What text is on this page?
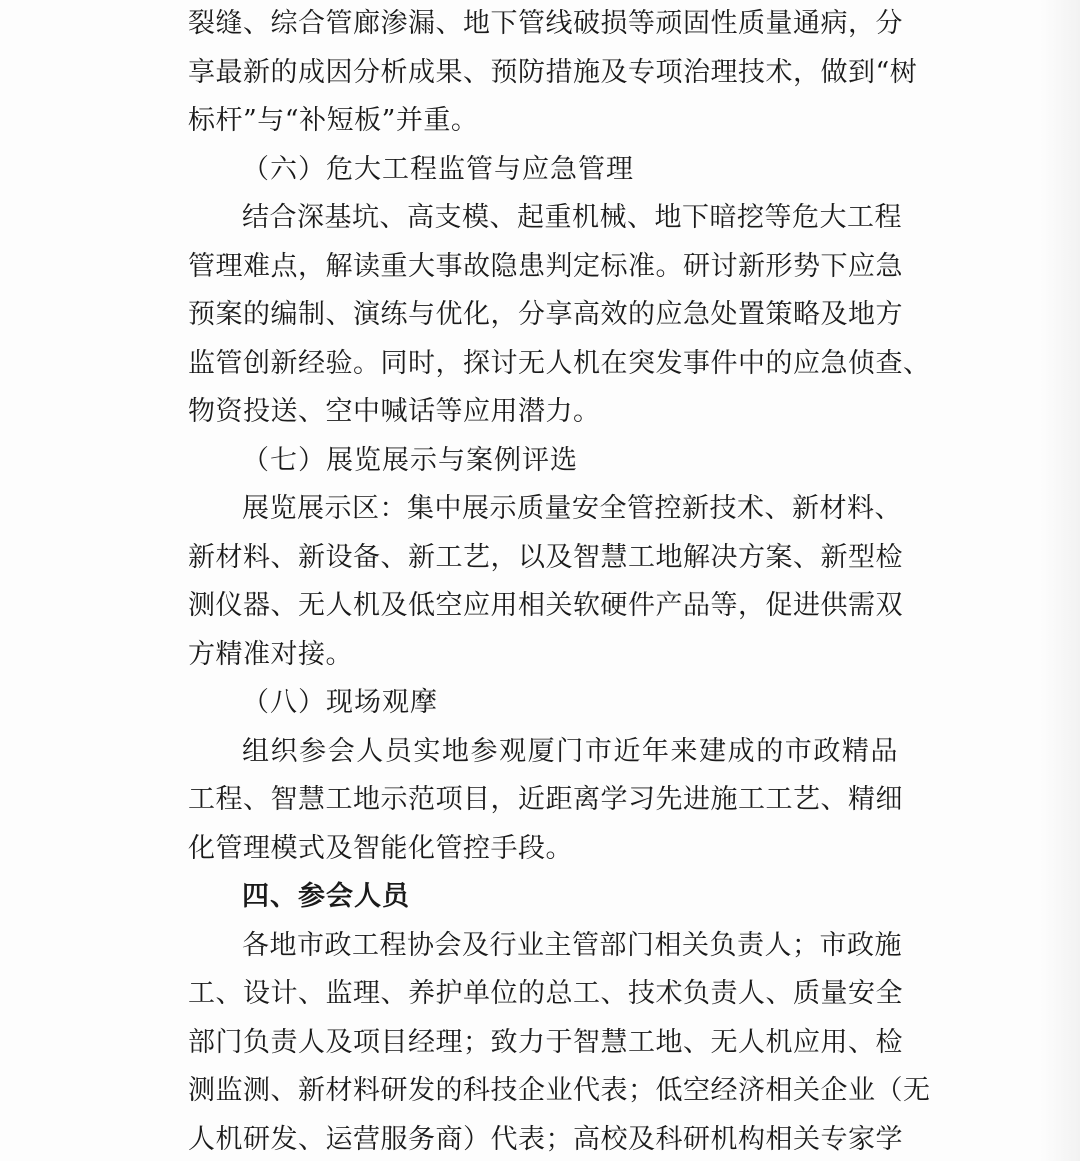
裂缝、综合管廊渗漏、地下管线破损等顽固性质量通病，分
享最新的成因分析成果、预防措施及专项治理技术，做到“树
标杆”与“补短板”并重。
（六）危大工程监管与应急管理
结合深基坑、高支模、起重机械、地下暗挖等危大工程
管理难点，解读重大事故隐患判定标准。研讨新形势下应急
预案的编制、演练与优化，分享高效的应急处置策略及地方
监管创新经验。同时，探讨无人机在突发事件中的应急侦查、
物资投送、空中喊话等应用潜力。
（七）展览展示与案例评选
展览展示区：集中展示质量安全管控新技术、新材料、
新材料、新设备、新工艺，以及智慧工地解决方案、新型检
测仪器、无人机及低空应用相关软硬件产品等，促进供需双
方精准对接。
（八）现场观摩
组织参会人员实地参观厦门市近年来建成的市政精品
工程、智慧工地示范项目，近距离学习先进施工工艺、精细
化管理模式及智能化管控手段。
四、参会人员
各地市政工程协会及行业主管部门相关负责人；市政施
工、设计、监理、养护单位的总工、技术负责人、质量安全
部门负责人及项目经理；致力于智慧工地、无人机应用、检
测监测、新材料研发的科技企业代表；低空经济相关企业（无
人机研发、运营服务商）代表；高校及科研机构相关专家学
